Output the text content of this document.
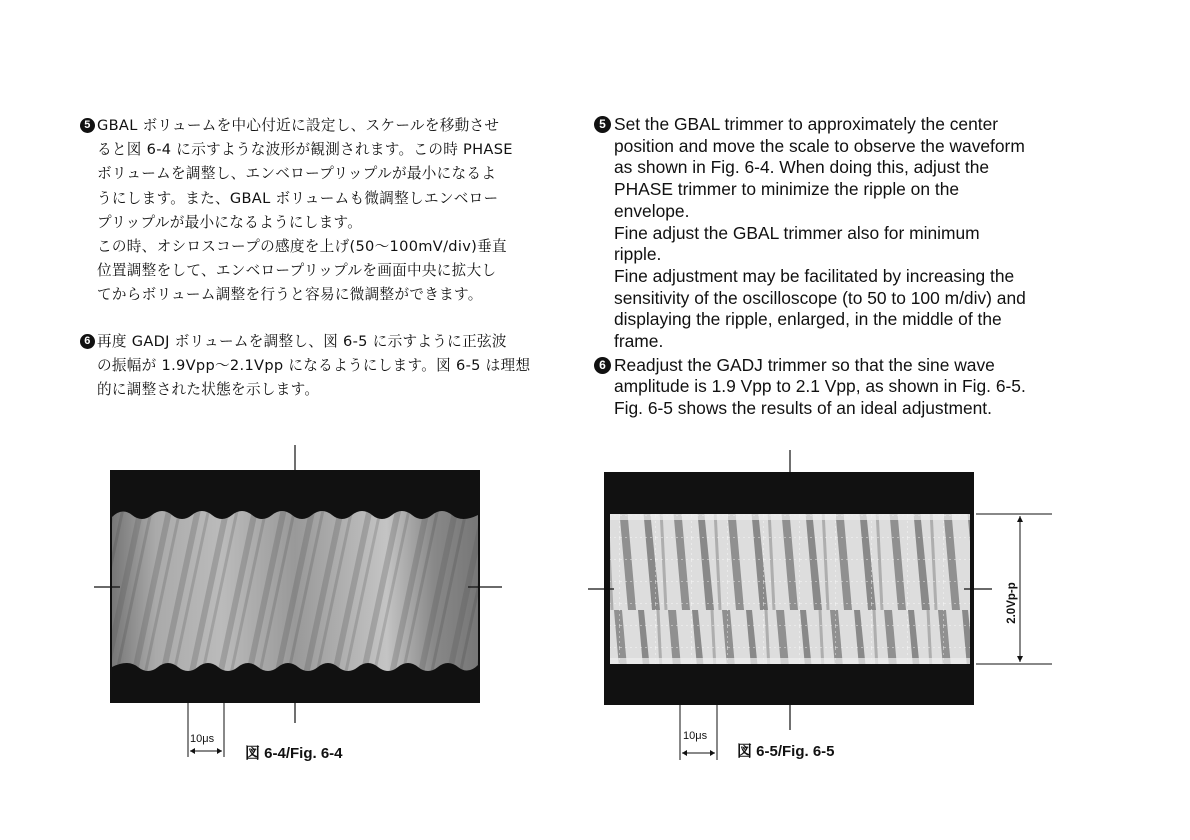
5 GBAL ボリュームを中心付近に設定し、スケールを移動させ

ると図 6-4 に示すような波形が観測されます。この時 PHASE

ボリュームを調整し、エンベロープリップルが最小になるよ

うにします。また、GBAL ボリュームも微調整しエンベロー

プリップルが最小になるようにします。

この時、オシロスコープの感度を上げ(50～100mV/div)垂直

位置調整をして、エンベロープリップルを画面中央に拡大し

てからボリューム調整を行うと容易に微調整ができます。

6 再度 GADJ ボリュームを調整し、図 6-5 に示すように正弦波

の振幅が 1.9Vpp～2.1Vpp になるようにします。図 6-5 は理想

的に調整された状態を示します。

5 Set the GBAL trimmer to approximately the center

position and move the scale to observe the waveform

as shown in Fig. 6-4. When doing this, adjust the

PHASE trimmer to minimize the ripple on the

envelope.

Fine adjust the GBAL trimmer also for minimum

ripple.

Fine adjustment may be facilitated by increasing the

sensitivity of the oscilloscope (to 50 to 100 m/div) and

displaying the ripple, enlarged, in the middle of the

frame.

6 Readjust the GADJ trimmer so that the sine wave

amplitude is 1.9 Vpp to 2.1 Vpp, as shown in Fig. 6-5.

Fig. 6-5 shows the results of an ideal adjustment.

10μs
図 6-4/Fig. 6-4
2.0Vp-p
10μs
図 6-5/Fig. 6-5
